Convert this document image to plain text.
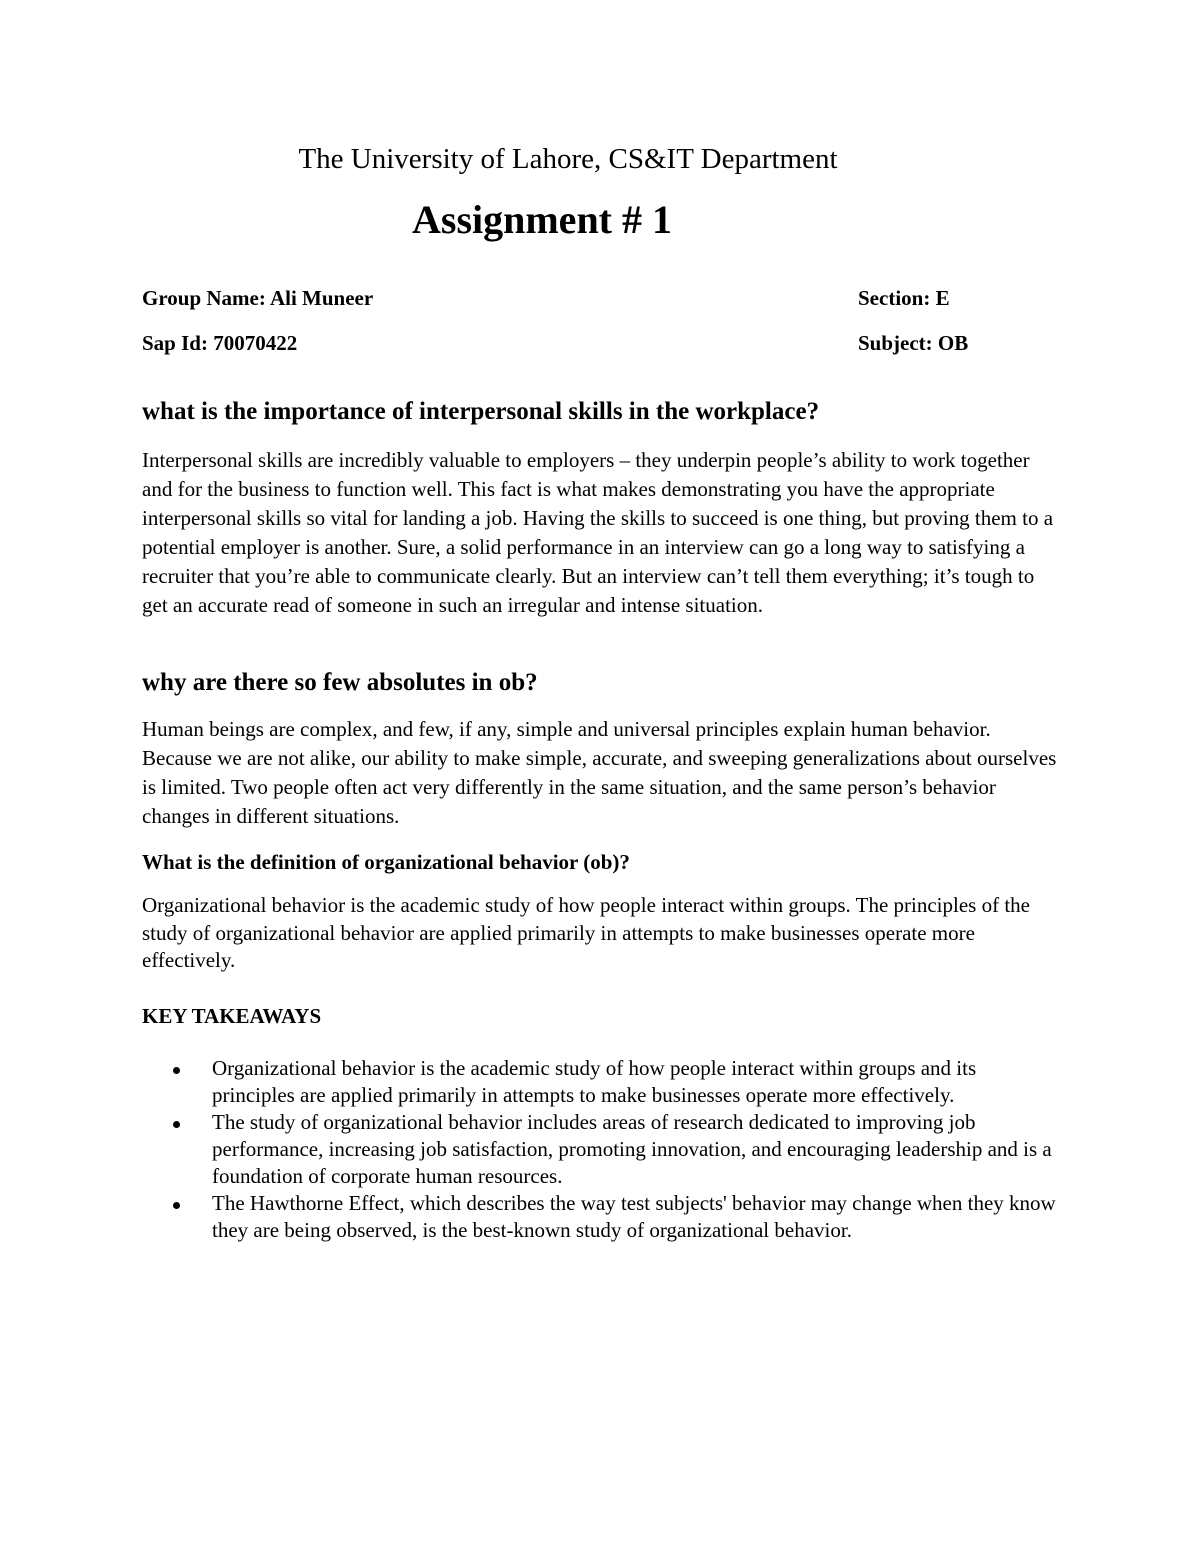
The University of Lahore, CS&IT Department
Assignment # 1

Group Name: Ali Muneer	Section: E

Sap Id: 70070422	Subject: OB

what is the importance of interpersonal skills in the workplace?

Interpersonal skills are incredibly valuable to employers – they underpin people’s ability to work together and for the business to function well. This fact is what makes demonstrating you have the appropriate interpersonal skills so vital for landing a job. Having the skills to succeed is one thing, but proving them to a potential employer is another. Sure, a solid performance in an interview can go a long way to satisfying a recruiter that you’re able to communicate clearly. But an interview can’t tell them everything; it’s tough to get an accurate read of someone in such an irregular and intense situation.

why are there so few absolutes in ob?

Human beings are complex, and few, if any, simple and universal principles explain human behavior. Because we are not alike, our ability to make simple, accurate, and sweeping generalizations about ourselves is limited. Two people often act very differently in the same situation, and the same person’s behavior changes in different situations.

What is the definition of organizational behavior (ob)?

Organizational behavior is the academic study of how people interact within groups. The principles of the study of organizational behavior are applied primarily in attempts to make businesses operate more effectively.

KEY TAKEAWAYS
Organizational behavior is the academic study of how people interact within groups and its principles are applied primarily in attempts to make businesses operate more effectively.
The study of organizational behavior includes areas of research dedicated to improving job performance, increasing job satisfaction, promoting innovation, and encouraging leadership and is a foundation of corporate human resources.
The Hawthorne Effect, which describes the way test subjects' behavior may change when they know they are being observed, is the best-known study of organizational behavior.
